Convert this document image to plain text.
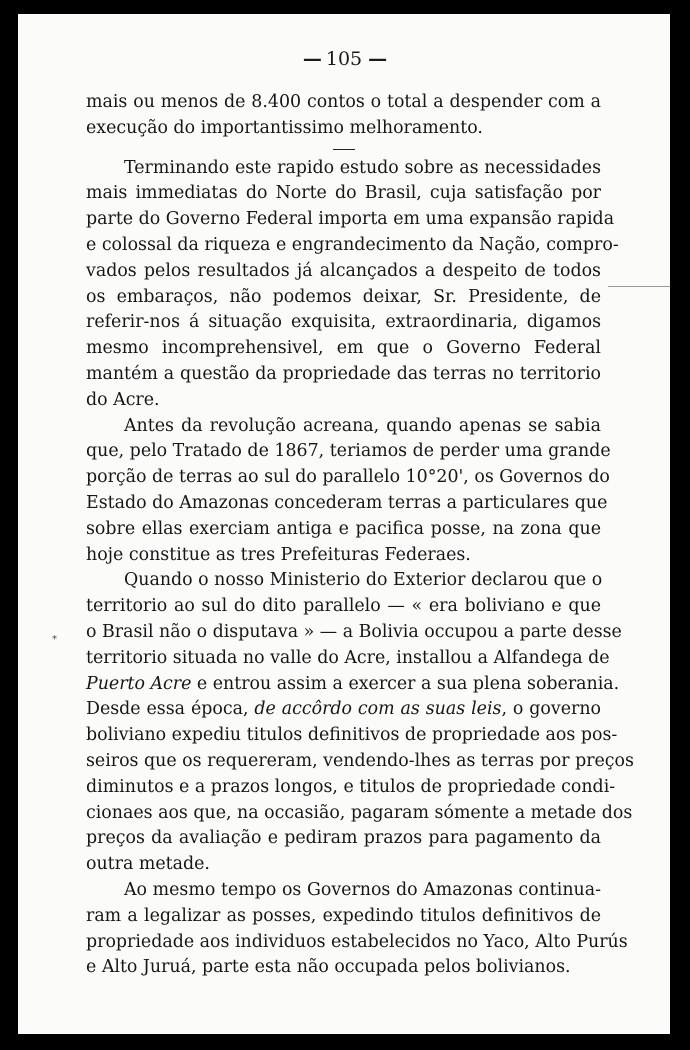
— 105 —
*
mais ou menos de 8.400 contos o total a despender com a
execução do importantissimo melhoramento.
Terminando este rapido estudo sobre as necessidades
mais immediatas do Norte do Brasil, cuja satisfação por
parte do Governo Federal importa em uma expansão rapida
e colossal da riqueza e engrandecimento da Nação, compro-
vados pelos resultados já alcançados a despeito de todos
os embaraços, não podemos deixar, Sr. Presidente, de
referir-nos á situação exquisita, extraordinaria, digamos
mesmo incomprehensivel, em que o Governo Federal
mantém a questão da propriedade das terras no territorio
do Acre.
Antes da revolução acreana, quando apenas se sabia
que, pelo Tratado de 1867, teriamos de perder uma grande
porção de terras ao sul do parallelo 10°20', os Governos do
Estado do Amazonas concederam terras a particulares que
sobre ellas exerciam antiga e pacifica posse, na zona que
hoje constitue as tres Prefeituras Federaes.
Quando o nosso Ministerio do Exterior declarou que o
territorio ao sul do dito parallelo — « era boliviano e que
o Brasil não o disputava » — a Bolivia occupou a parte desse
territorio situada no valle do Acre, installou a Alfandega de
Puerto Acre e entrou assim a exercer a sua plena soberania.
Desde essa época, de accôrdo com as suas leis, o governo
boliviano expediu titulos definitivos de propriedade aos pos-
seiros que os requereram, vendendo-lhes as terras por preços
diminutos e a prazos longos, e titulos de propriedade condi-
cionaes aos que, na occasião, pagaram sómente a metade dos
preços da avaliação e pediram prazos para pagamento da
outra metade.
Ao mesmo tempo os Governos do Amazonas continua-
ram a legalizar as posses, expedindo titulos definitivos de
propriedade aos individuos estabelecidos no Yaco, Alto Purús
e Alto Juruá, parte esta não occupada pelos bolivianos.
